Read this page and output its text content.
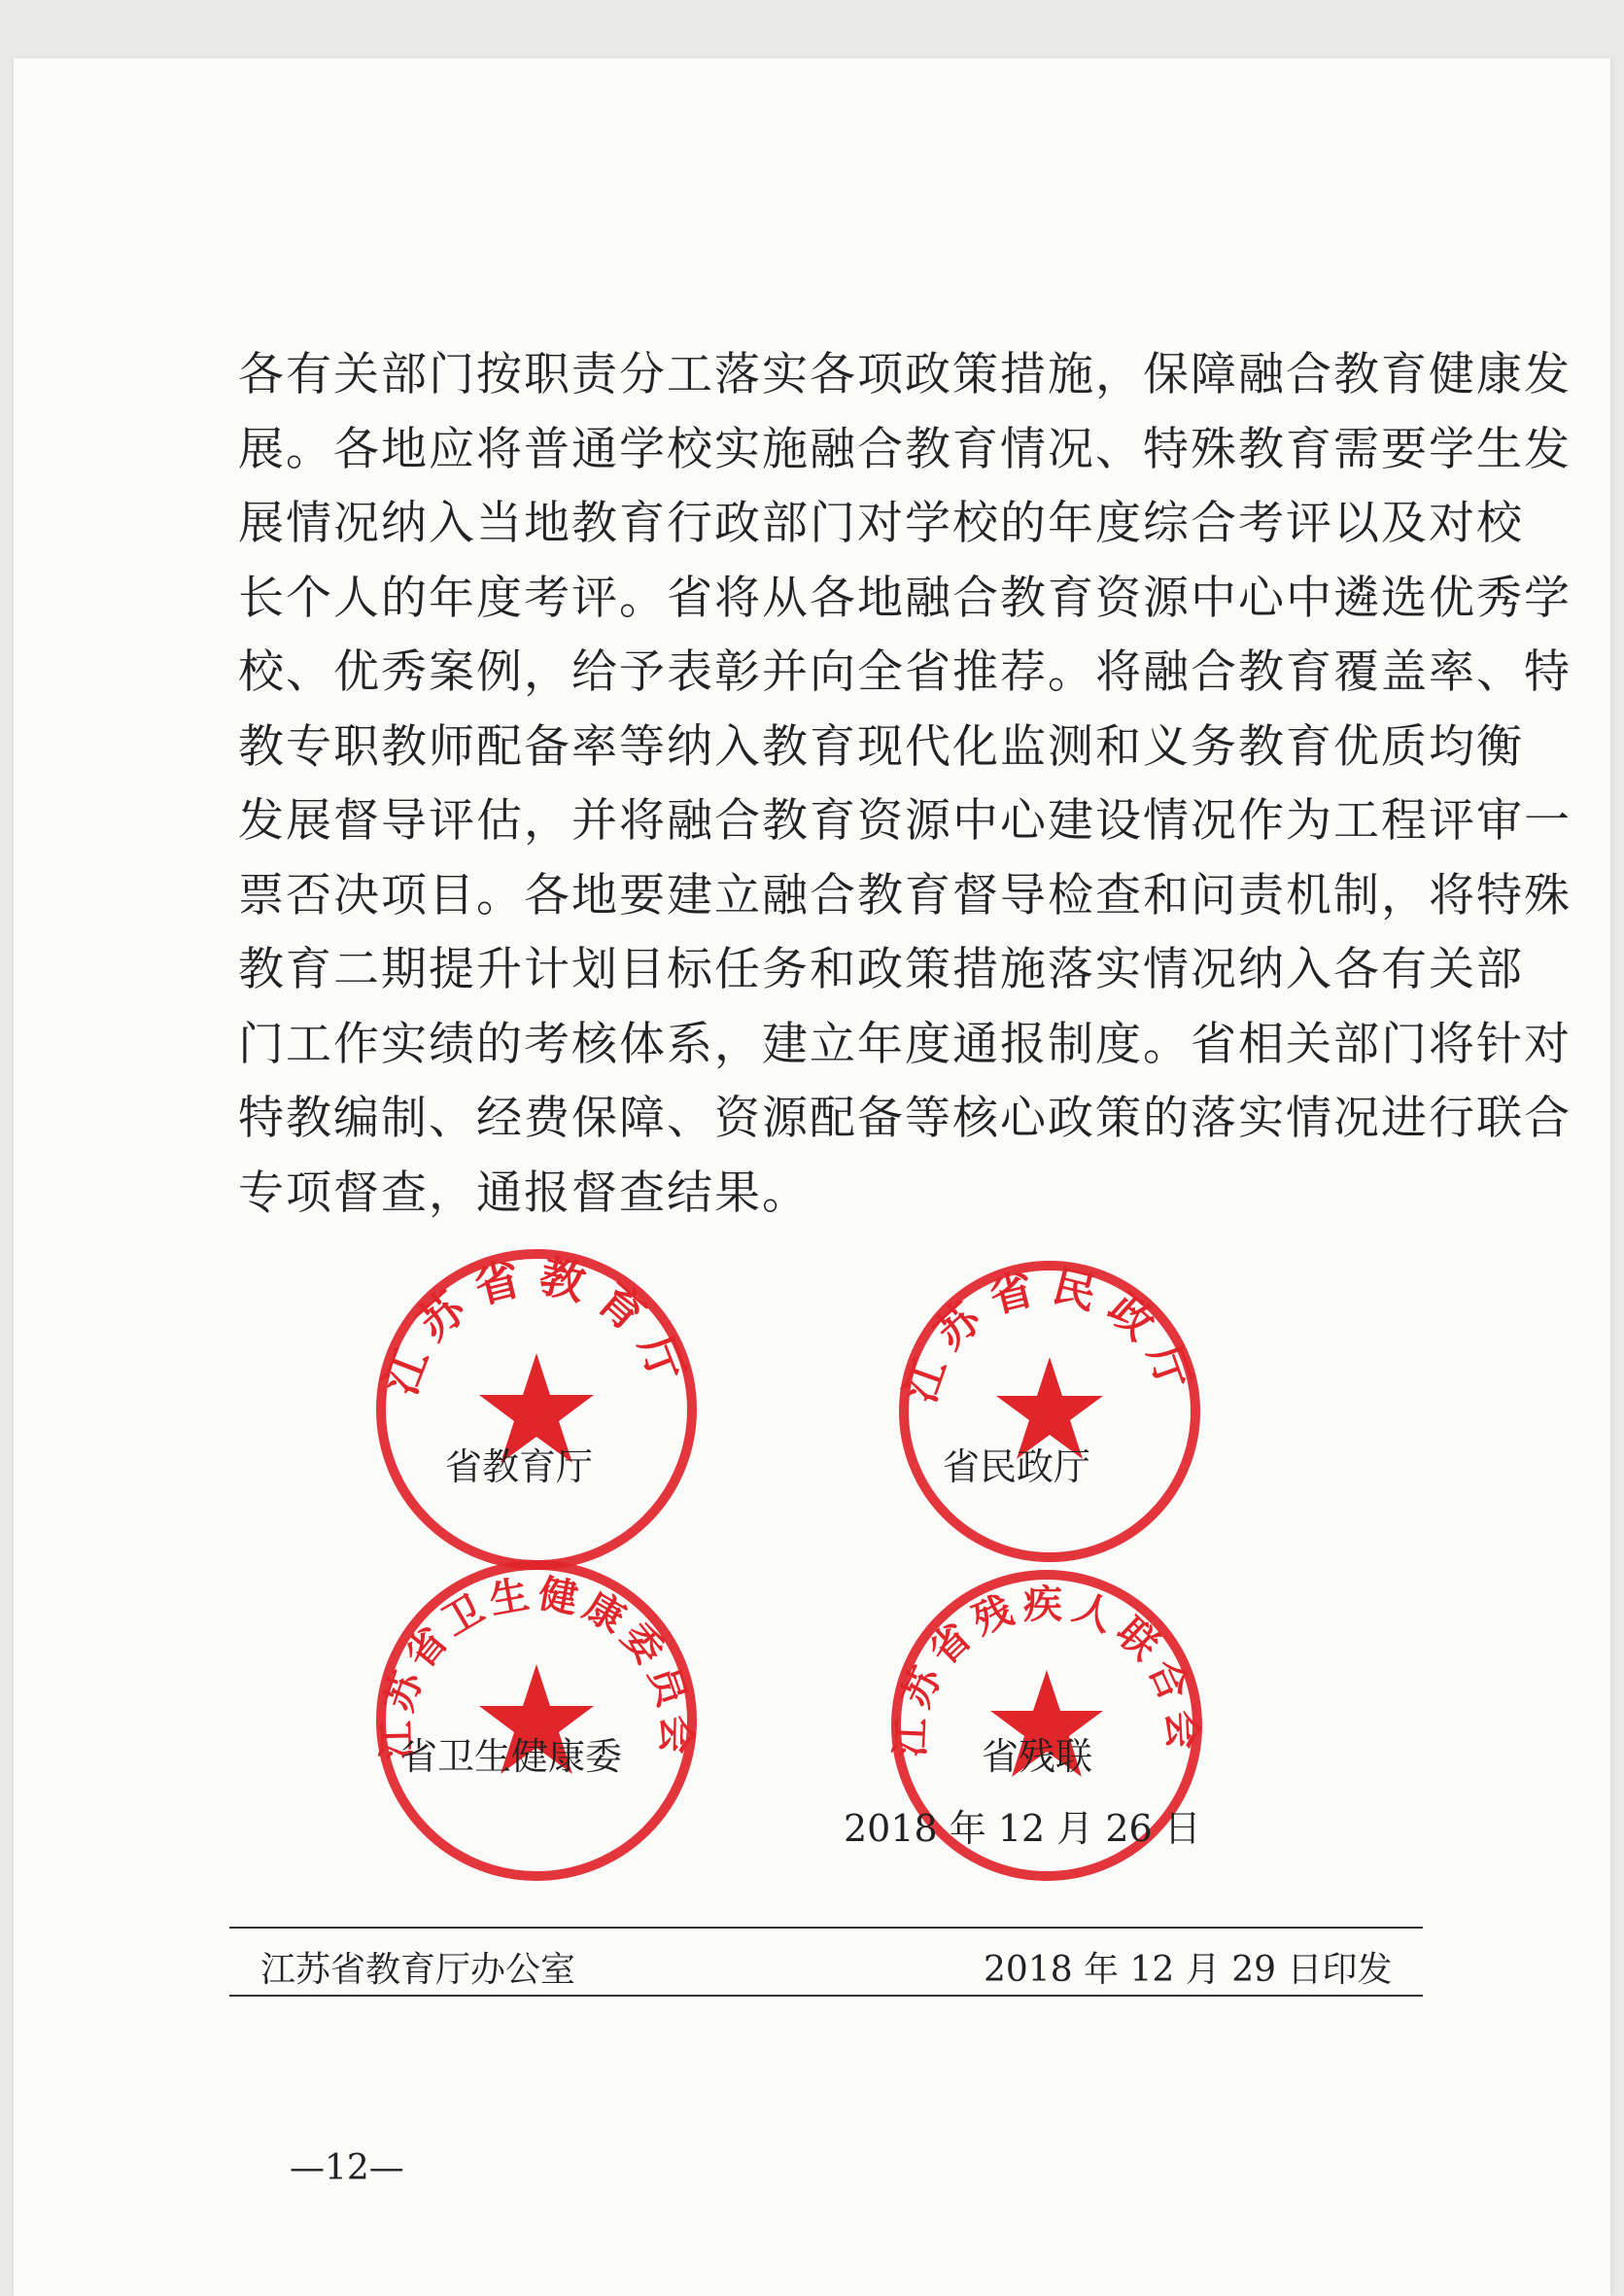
各有关部门按职责分工落实各项政策措施，保障融合教育健康发
展。各地应将普通学校实施融合教育情况、特殊教育需要学生发
展情况纳入当地教育行政部门对学校的年度综合考评以及对校
长个人的年度考评。省将从各地融合教育资源中心中遴选优秀学
校、优秀案例，给予表彰并向全省推荐。将融合教育覆盖率、特
教专职教师配备率等纳入教育现代化监测和义务教育优质均衡
发展督导评估，并将融合教育资源中心建设情况作为工程评审一
票否决项目。各地要建立融合教育督导检查和问责机制，将特殊
教育二期提升计划目标任务和政策措施落实情况纳入各有关部
门工作实绩的考核体系，建立年度通报制度。省相关部门将针对
特教编制、经费保障、资源配备等核心政策的落实情况进行联合
专项督查，通报督查结果。
江苏省教育厅	江苏省民政厅
江苏省卫生健康委员会	江苏省残疾人联合会
省教育厅	省民政厅
省卫生健康委	省残联
2018 年 12 月 26 日
江苏省教育厅办公室	2018 年 12 月 29 日印发
—12—
